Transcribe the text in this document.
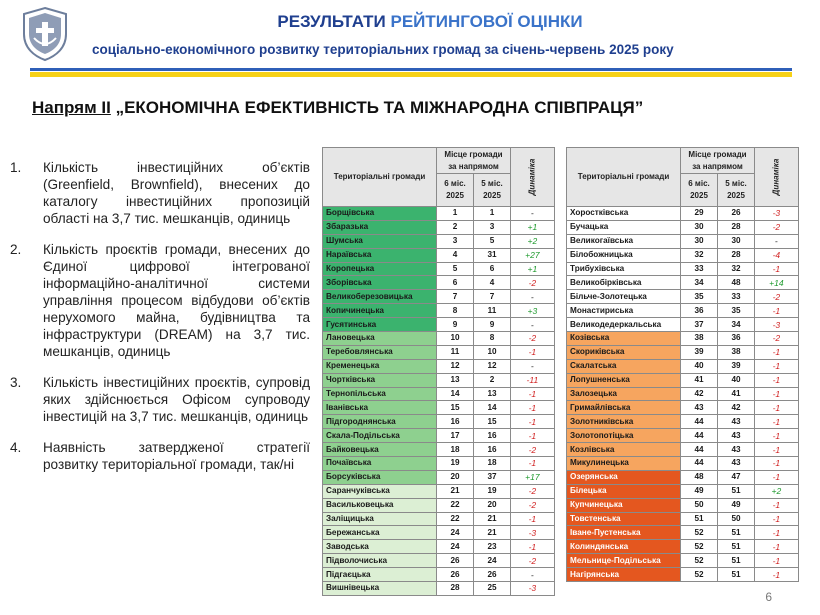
РЕЗУЛЬТАТИ РЕЙТИНГОВОЇ ОЦІНКИ
соціально-економічного розвитку територіальних громад за січень-червень 2025 року
Напрям ІІ „ЕКОНОМІЧНА ЕФЕКТИВНІСТЬ ТА МІЖНАРОДНА СПІВПРАЦЯ”
1.	Кількість інвестиційних об’єктів (Greenfield, Brownfield), внесених до каталогу інвестиційних пропозицій області на 3,7 тис. мешканців, одиниць
2.	Кількість проєктів громади, внесених до Єдиної цифрової інтегрованої інформаційно-аналітичної системи управління процесом відбудови об’єктів нерухомого майна, будівництва та інфраструктури (DREAM) на 3,7 тис. мешканців, одиниць
3.	Кількість інвестиційних проєктів, супровід яких здійснюється Офісом супроводу інвестицій на 3,7 тис. мешканців, одиниць
4.	Наявність затвердженої стратегії розвитку територіальної громади, так/ні
Територіальні громади	Місце громади за напрямом		Динаміка
	6 міс. 2025	5 міс. 2025	
Борщівська	1	1	-
Збаразька	2	3	+1
Шумська	3	5	+2
Нараївська	4	31	+27
Коропецька	5	6	+1
Зборівська	6	4	-2
Великоберезовицька	7	7	-
Копичинецька	8	11	+3
Гусятинська	9	9	-
Лановецька	10	8	-2
Теребовлянська	11	10	-1
Кременецька	12	12	-
Чортківська	13	2	-11
Тернопільська	14	13	-1
Іванівська	15	14	-1
Підгороднянська	16	15	-1
Скала-Подільська	17	16	-1
Байковецька	18	16	-2
Почаївська	19	18	-1
Борсуківська	20	37	+17
Саранчуківська	21	19	-2
Васильковецька	22	20	-2
Заліщицька	22	21	-1
Бережанська	24	21	-3
Заводська	24	23	-1
Підволочиська	26	24	-2
Підгаєцька	26	26	-
Вишнівецька	28	25	-3
Територіальні громади	Місце громади за напрямом		Динаміка
	6 міс. 2025	5 міс. 2025	
Хоростківська	29	26	-3
Бучацька	30	28	-2
Великогаївська	30	30	-
Білобожницька	32	28	-4
Трибухівська	33	32	-1
Великобірківська	34	48	+14
Більче-Золотецька	35	33	-2
Монастириська	36	35	-1
Великодедеркальська	37	34	-3
Козівська	38	36	-2
Скориківська	39	38	-1
Скалатська	40	39	-1
Лопушненська	41	40	-1
Залозецька	42	41	-1
Гримайлівська	43	42	-1
Золотниківська	44	43	-1
Золотопотіцька	44	43	-1
Козлівська	44	43	-1
Микулинецька	44	43	-1
Озерянська	48	47	-1
Білецька	49	51	+2
Купчинецька	50	49	-1
Товстенська	51	50	-1
Іване-Пустенська	52	51	-1
Колиндянська	52	51	-1
Мельнице-Подільська	52	51	-1
Нагірянська	52	51	-1
6
